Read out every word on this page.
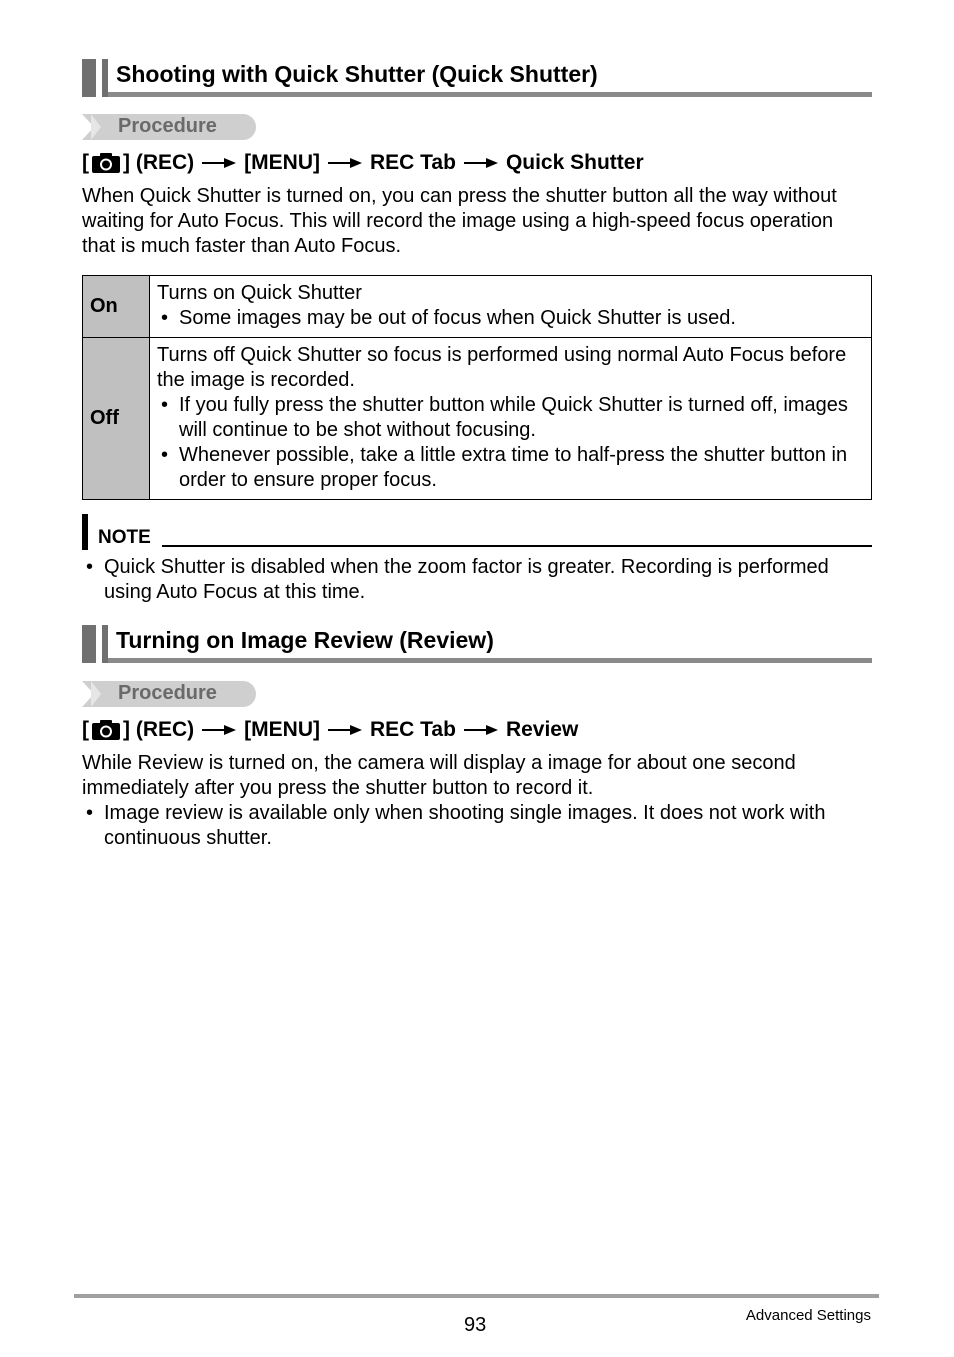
Shooting with Quick Shutter (Quick Shutter)
Procedure
[ ] (REC) [MENU] REC Tab Quick Shutter

When Quick Shutter is turned on, you can press the shutter button all the way without waiting for Auto Focus. This will record the image using a high-speed focus operation that is much faster than Auto Focus.

On	Turns on Quick Shutter
• Some images may be out of focus when Quick Shutter is used.

Off	Turns off Quick Shutter so focus is performed using normal Auto Focus before the image is recorded.
• If you fully press the shutter button while Quick Shutter is turned off, images will continue to be shot without focusing.
• Whenever possible, take a little extra time to half-press the shutter button in order to ensure proper focus.
NOTE
• Quick Shutter is disabled when the zoom factor is greater. Recording is performed using Auto Focus at this time.
Turning on Image Review (Review)
Procedure
[ ] (REC) [MENU] REC Tab Review

While Review is turned on, the camera will display a image for about one second immediately after you press the shutter button to record it.

• Image review is available only when shooting single images. It does not work with continuous shutter.
93	Advanced Settings
